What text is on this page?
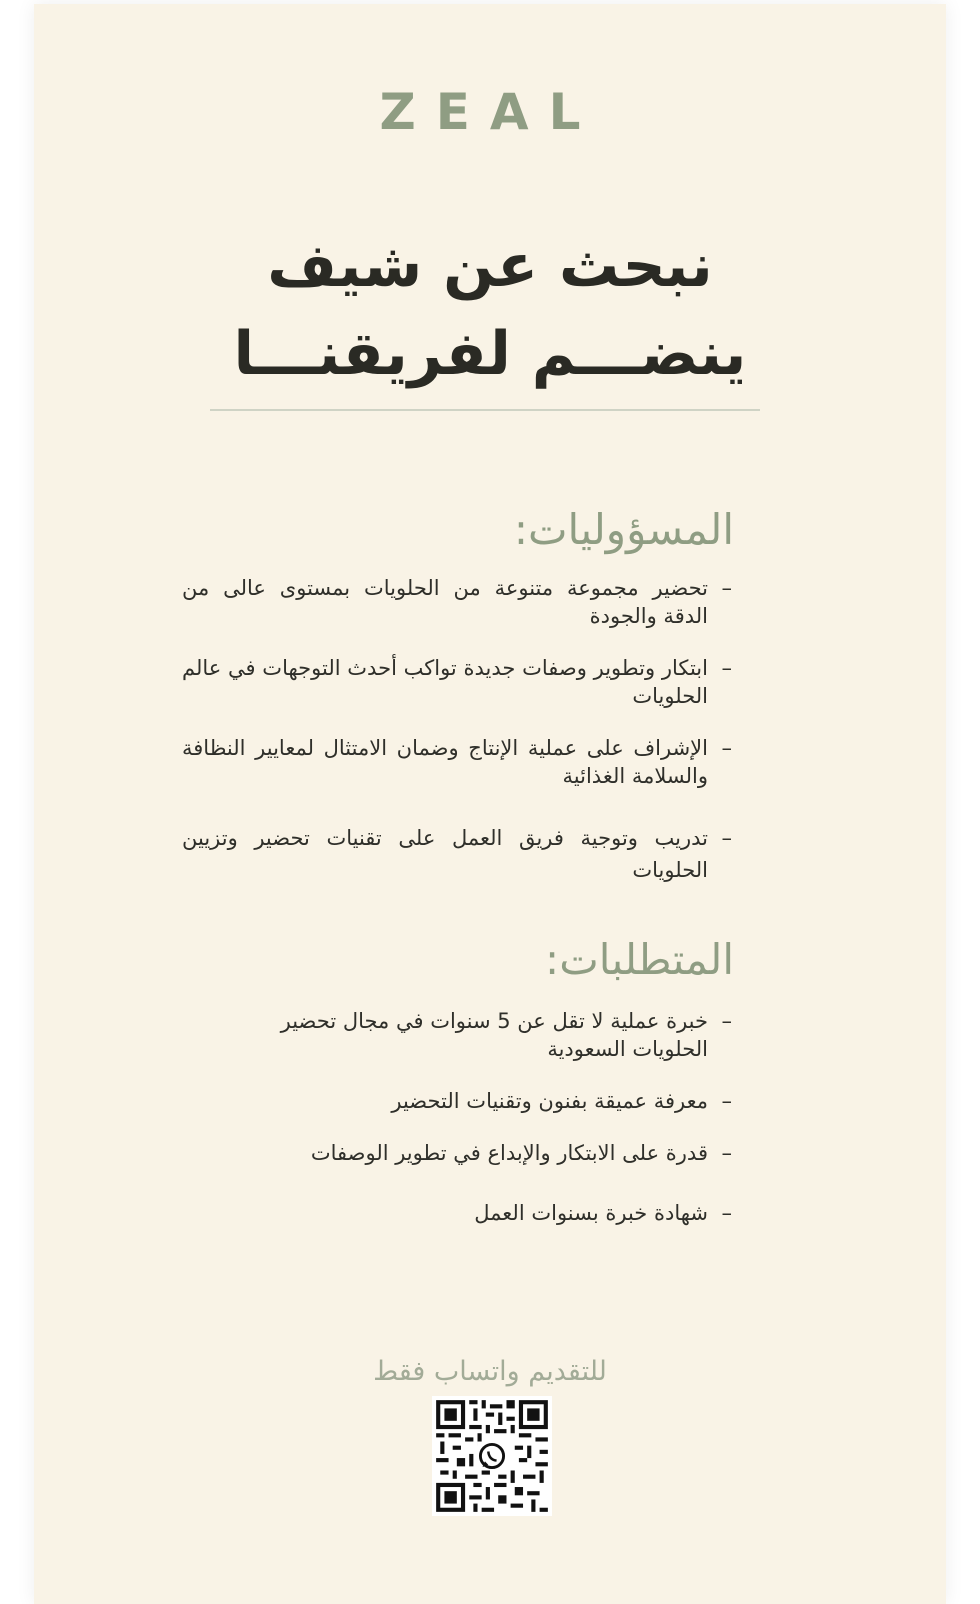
ZEAL
نبحث عن شيف
ينضـــم لفريقنـــا
المسؤوليات:
–
تحضير مجموعة متنوعة من الحلويات بمستوى عالى من الدقة والجودة
–
ابتكار وتطوير وصفات جديدة تواكب أحدث التوجهات في عالم الحلويات
–
الإشراف على عملية الإنتاج وضمان الامتثال لمعايير النظافة والسلامة الغذائية
–
تدريب وتوجية فريق العمل على تقنيات تحضير وتزيين الحلويات
المتطلبات:
–
خبرة عملية لا تقل عن 5 سنوات في مجال تحضير الحلويات السعودية
–
معرفة عميقة بفنون وتقنيات التحضير
–
قدرة على الابتكار والإبداع في تطوير الوصفات
–
شهادة خبرة بسنوات العمل
للتقديم واتساب فقط
